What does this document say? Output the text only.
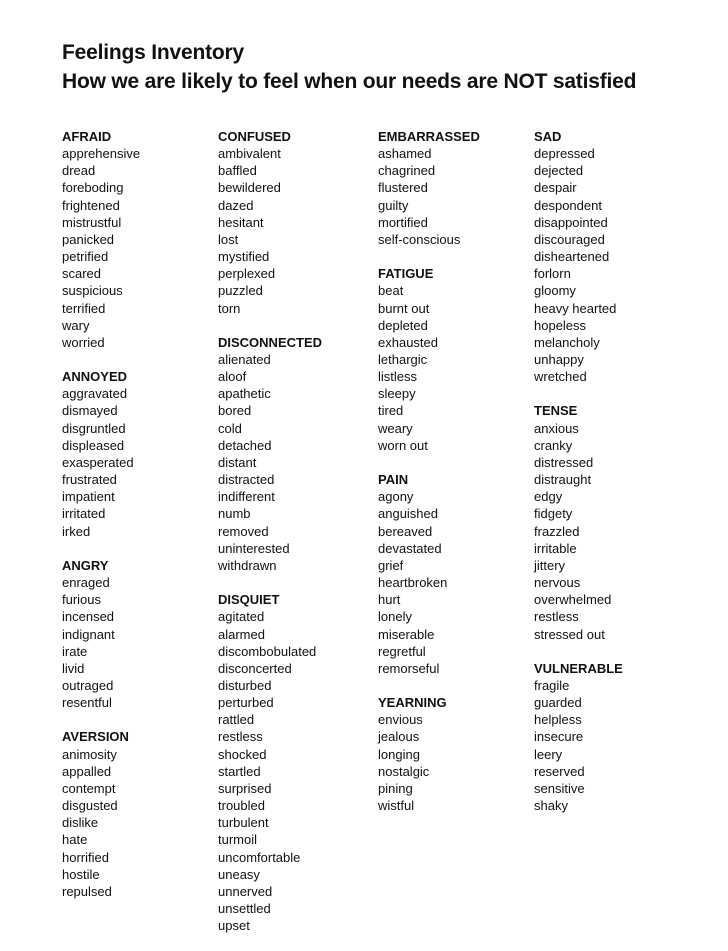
Feelings Inventory
How we are likely to feel when our needs are NOT satisfied
AFRAID
apprehensive
dread
foreboding
frightened
mistrustful
panicked
petrified
scared
suspicious
terrified
wary
worried
ANNOYED
aggravated
dismayed
disgruntled
displeased
exasperated
frustrated
impatient
irritated
irked
ANGRY
enraged
furious
incensed
indignant
irate
livid
outraged
resentful
AVERSION
animosity
appalled
contempt
disgusted
dislike
hate
horrified
hostile
repulsed
CONFUSED
ambivalent
baffled
bewildered
dazed
hesitant
lost
mystified
perplexed
puzzled
torn
DISCONNECTED
alienated
aloof
apathetic
bored
cold
detached
distant
distracted
indifferent
numb
removed
uninterested
withdrawn
DISQUIET
agitated
alarmed
discombobulated
disconcerted
disturbed
perturbed
rattled
restless
shocked
startled
surprised
troubled
turbulent
turmoil
uncomfortable
uneasy
unnerved
unsettled
upset
EMBARRASSED
ashamed
chagrined
flustered
guilty
mortified
self-conscious
FATIGUE
beat
burnt out
depleted
exhausted
lethargic
listless
sleepy
tired
weary
worn out
PAIN
agony
anguished
bereaved
devastated
grief
heartbroken
hurt
lonely
miserable
regretful
remorseful
YEARNING
envious
jealous
longing
nostalgic
pining
wistful
SAD
depressed
dejected
despair
despondent
disappointed
discouraged
disheartened
forlorn
gloomy
heavy hearted
hopeless
melancholy
unhappy
wretched
TENSE
anxious
cranky
distressed
distraught
edgy
fidgety
frazzled
irritable
jittery
nervous
overwhelmed
restless
stressed out
VULNERABLE
fragile
guarded
helpless
insecure
leery
reserved
sensitive
shaky
